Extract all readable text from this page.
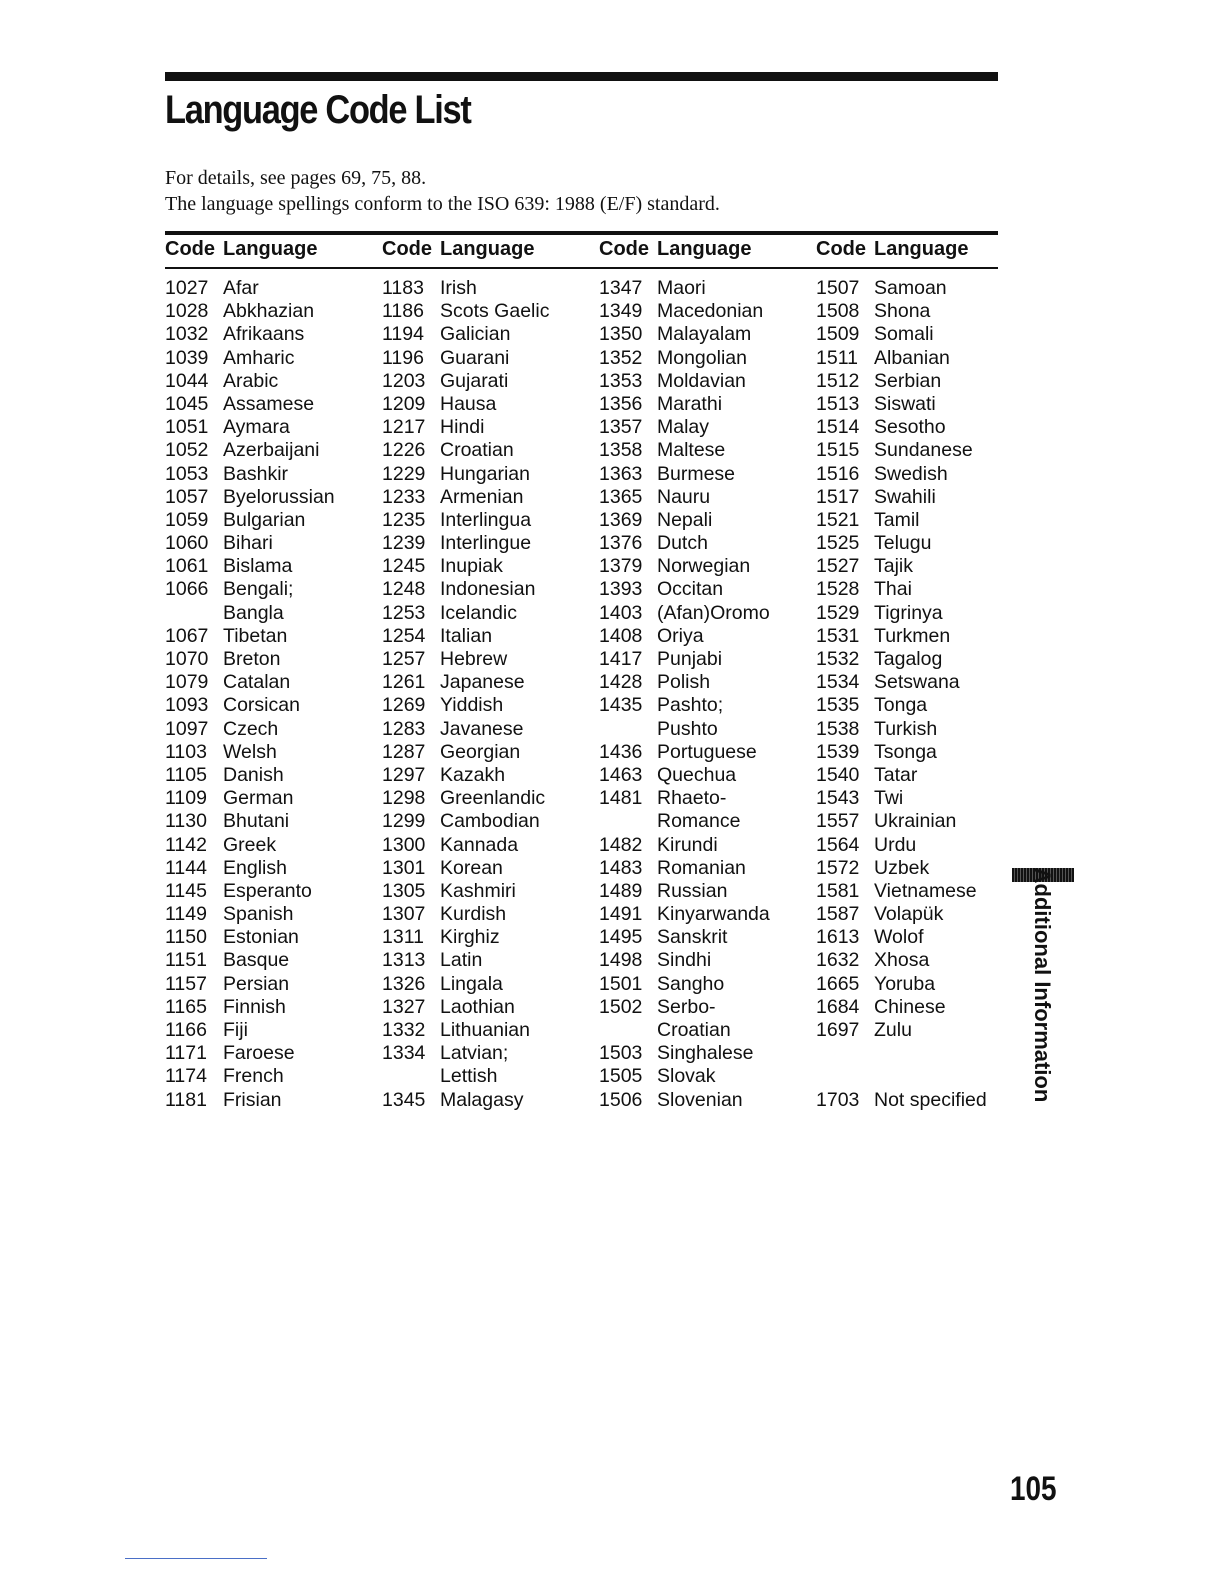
Language Code List
For details, see pages 69, 75, 88.
The language spellings conform to the ISO 639: 1988 (E/F) standard.
Code Language
1027 Afar
1028 Abkhazian
1032 Afrikaans
1039 Amharic
1044 Arabic
1045 Assamese
1051 Aymara
1052 Azerbaijani
1053 Bashkir
1057 Byelorussian
1059 Bulgarian
1060 Bihari
1061 Bislama
1066 Bengali;
Bangla
1067 Tibetan
1070 Breton
1079 Catalan
1093 Corsican
1097 Czech
1103 Welsh
1105 Danish
1109 German
1130 Bhutani
1142 Greek
1144 English
1145 Esperanto
1149 Spanish
1150 Estonian
1151 Basque
1157 Persian
1165 Finnish
1166 Fiji
1171 Faroese
1174 French
1181 Frisian
Code Language
1183 Irish
1186 Scots Gaelic
1194 Galician
1196 Guarani
1203 Gujarati
1209 Hausa
1217 Hindi
1226 Croatian
1229 Hungarian
1233 Armenian
1235 Interlingua
1239 Interlingue
1245 Inupiak
1248 Indonesian
1253 Icelandic
1254 Italian
1257 Hebrew
1261 Japanese
1269 Yiddish
1283 Javanese
1287 Georgian
1297 Kazakh
1298 Greenlandic
1299 Cambodian
1300 Kannada
1301 Korean
1305 Kashmiri
1307 Kurdish
1311 Kirghiz
1313 Latin
1326 Lingala
1327 Laothian
1332 Lithuanian
1334 Latvian;
Lettish
1345 Malagasy
Code Language
1347 Maori
1349 Macedonian
1350 Malayalam
1352 Mongolian
1353 Moldavian
1356 Marathi
1357 Malay
1358 Maltese
1363 Burmese
1365 Nauru
1369 Nepali
1376 Dutch
1379 Norwegian
1393 Occitan
1403 (Afan)Oromo
1408 Oriya
1417 Punjabi
1428 Polish
1435 Pashto;
Pushto
1436 Portuguese
1463 Quechua
1481 Rhaeto-
Romance
1482 Kirundi
1483 Romanian
1489 Russian
1491 Kinyarwanda
1495 Sanskrit
1498 Sindhi
1501 Sangho
1502 Serbo-
Croatian
1503 Singhalese
1505 Slovak
1506 Slovenian
Code Language
1507 Samoan
1508 Shona
1509 Somali
1511 Albanian
1512 Serbian
1513 Siswati
1514 Sesotho
1515 Sundanese
1516 Swedish
1517 Swahili
1521 Tamil
1525 Telugu
1527 Tajik
1528 Thai
1529 Tigrinya
1531 Turkmen
1532 Tagalog
1534 Setswana
1535 Tonga
1538 Turkish
1539 Tsonga
1540 Tatar
1543 Twi
1557 Ukrainian
1564 Urdu
1572 Uzbek
1581 Vietnamese
1587 Volapük
1613 Wolof
1632 Xhosa
1665 Yoruba
1684 Chinese
1697 Zulu
1703 Not specified	Additional Information
105
